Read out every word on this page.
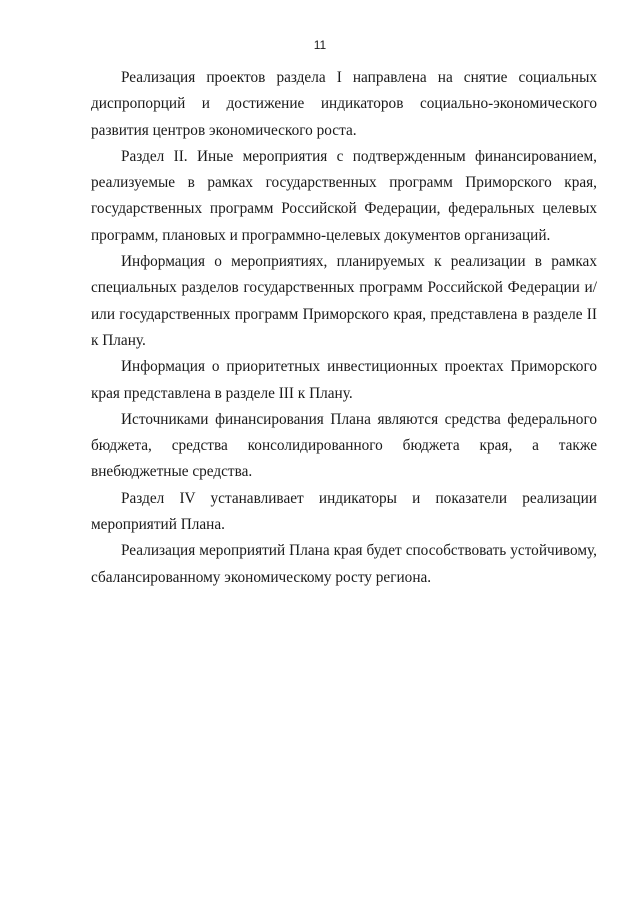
11

Реализация проектов раздела I направлена на снятие социальных диспропорций и достижение индикаторов социально-экономического развития центров экономического роста.

Раздел II. Иные мероприятия с подтвержденным финансированием, реализуемые в рамках государственных программ Приморского края, государственных программ Российской Федерации, федеральных целевых программ, плановых и программно-целевых документов организаций.

Информация о мероприятиях, планируемых к реализации в рамках специальных разделов государственных программ Российской Федерации и/или государственных программ Приморского края, представлена в разделе II к Плану.

Информация о приоритетных инвестиционных проектах Приморского края представлена в разделе III к Плану.

Источниками финансирования Плана являются средства федерального бюджета, средства консолидированного бюджета края, а также внебюджетные средства.

Раздел IV устанавливает индикаторы и показатели реализации мероприятий Плана.

Реализация мероприятий Плана края будет способствовать устойчивому, сбалансированному экономическому росту региона.
